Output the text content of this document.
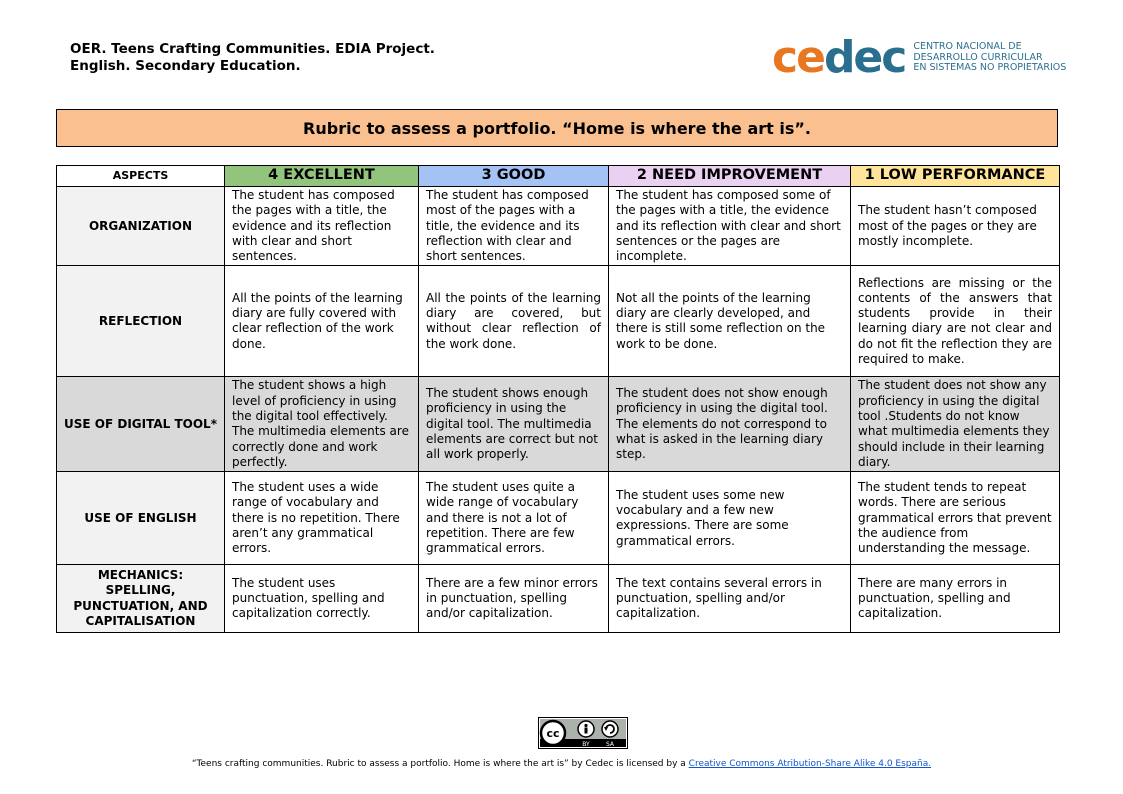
OER. Teens Crafting Communities. EDIA Project.
English. Secondary Education.	cedec CENTRO NACIONAL DE
DESARROLLO CURRICULAR
EN SISTEMAS NO PROPIETARIOS
Rubric to assess a portfolio. “Home is where the art is”.
ASPECTS	4 EXCELLENT	3 GOOD	2 NEED IMPROVEMENT	1 LOW PERFORMANCE
ORGANIZATION	The student has composed the pages with a title, the evidence and its reflection with clear and short sentences.	The student has composed most of the pages with a title, the evidence and its reflection with clear and short sentences.	The student has composed some of the pages with a title, the evidence and its reflection with clear and short sentences or the pages are incomplete.	The student hasn’t composed most of the pages or they are mostly incomplete.
REFLECTION	All the points of the learning diary are fully covered with clear reflection of the work done.	All the points of the learning diary are covered, but without clear reflection of the work done.	Not all the points of the learning diary are clearly developed, and there is still some reflection on the work to be done.	Reflections are missing or the contents of the answers that students provide in their learning diary are not clear and do not fit the reflection they are required to make.
USE OF DIGITAL TOOL*	The student shows a high level of proficiency in using the digital tool effectively. The multimedia elements are correctly done and work perfectly.	The student shows enough proficiency in using the digital tool. The multimedia elements are correct but not all work properly.	The student does not show enough proficiency in using the digital tool. The elements do not correspond to what is asked in the learning diary step.	The student does not show any proficiency in using the digital tool .Students do not know what multimedia elements they should include in their learning diary.
USE OF ENGLISH	The student uses a wide range of vocabulary and there is no repetition. There aren’t any grammatical errors.	The student uses quite a wide range of vocabulary and there is not a lot of repetition. There are few grammatical errors.	The student uses some new vocabulary and a few new expressions. There are some grammatical errors.	The student tends to repeat words. There are serious grammatical errors that prevent the audience from understanding the message.
MECHANICS: SPELLING, PUNCTUATION, AND CAPITALISATION	The student uses punctuation, spelling and capitalization correctly.	There are a few minor errors in punctuation, spelling and/or capitalization.	The text contains several errors in punctuation, spelling and/or capitalization.	There are many errors in punctuation, spelling and capitalization.
cc
BY	SA
“Teens crafting communities. Rubric to assess a portfolio. Home is where the art is” by Cedec is licensed by a Creative Commons Atribution-Share Alike 4.0 España.
